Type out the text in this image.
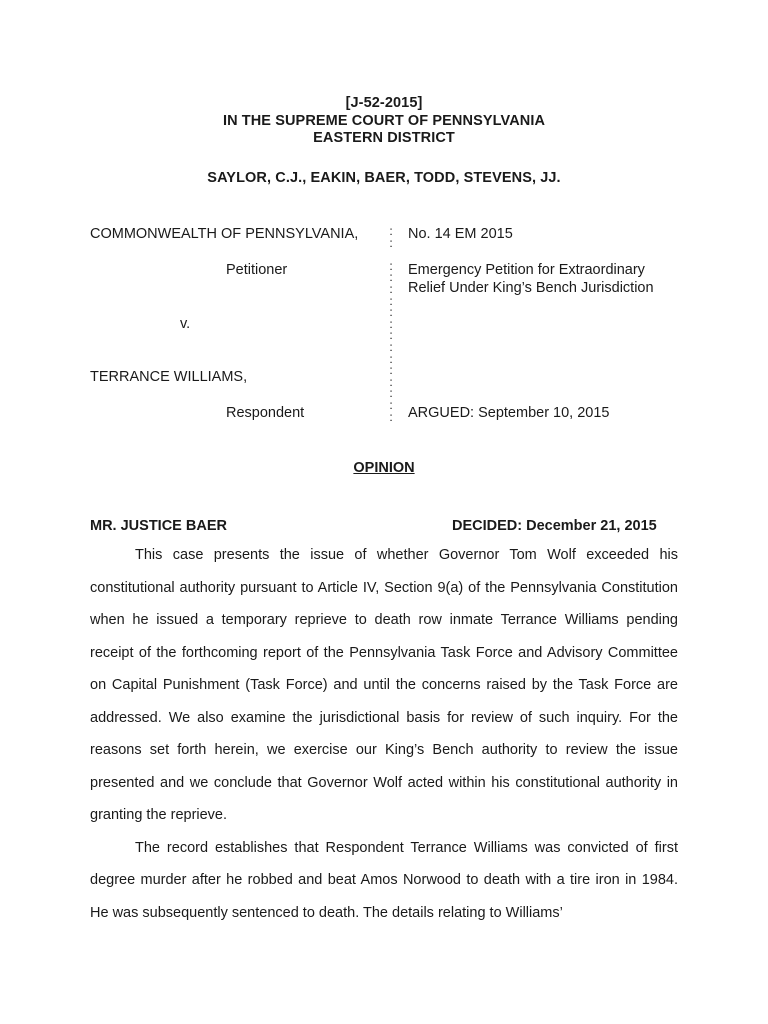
[J-52-2015]
IN THE SUPREME COURT OF PENNSYLVANIA
EASTERN DISTRICT
SAYLOR, C.J., EAKIN, BAER, TODD, STEVENS, JJ.
COMMONWEALTH OF PENNSYLVANIA,
Petitioner
v.
TERRANCE WILLIAMS,
Respondent
:
:

:
:
:
:
:
:
:
:
:
:
:
:
:
:
No. 14 EM 2015
Emergency Petition for Extraordinary
Relief Under King’s Bench Jurisdiction
ARGUED: September 10, 2015
OPINION
MR. JUSTICE BAER	DECIDED: December 21, 2015

This case presents the issue of whether Governor Tom Wolf exceeded his constitutional authority pursuant to Article IV, Section 9(a) of the Pennsylvania Constitution when he issued a temporary reprieve to death row inmate Terrance Williams pending receipt of the forthcoming report of the Pennsylvania Task Force and Advisory Committee on Capital Punishment (Task Force) and until the concerns raised by the Task Force are addressed. We also examine the jurisdictional basis for review of such inquiry. For the reasons set forth herein, we exercise our King’s Bench authority to review the issue presented and we conclude that Governor Wolf acted within his constitutional authority in granting the reprieve.

The record establishes that Respondent Terrance Williams was convicted of first degree murder after he robbed and beat Amos Norwood to death with a tire iron in 1984. He was subsequently sentenced to death. The details relating to Williams’
